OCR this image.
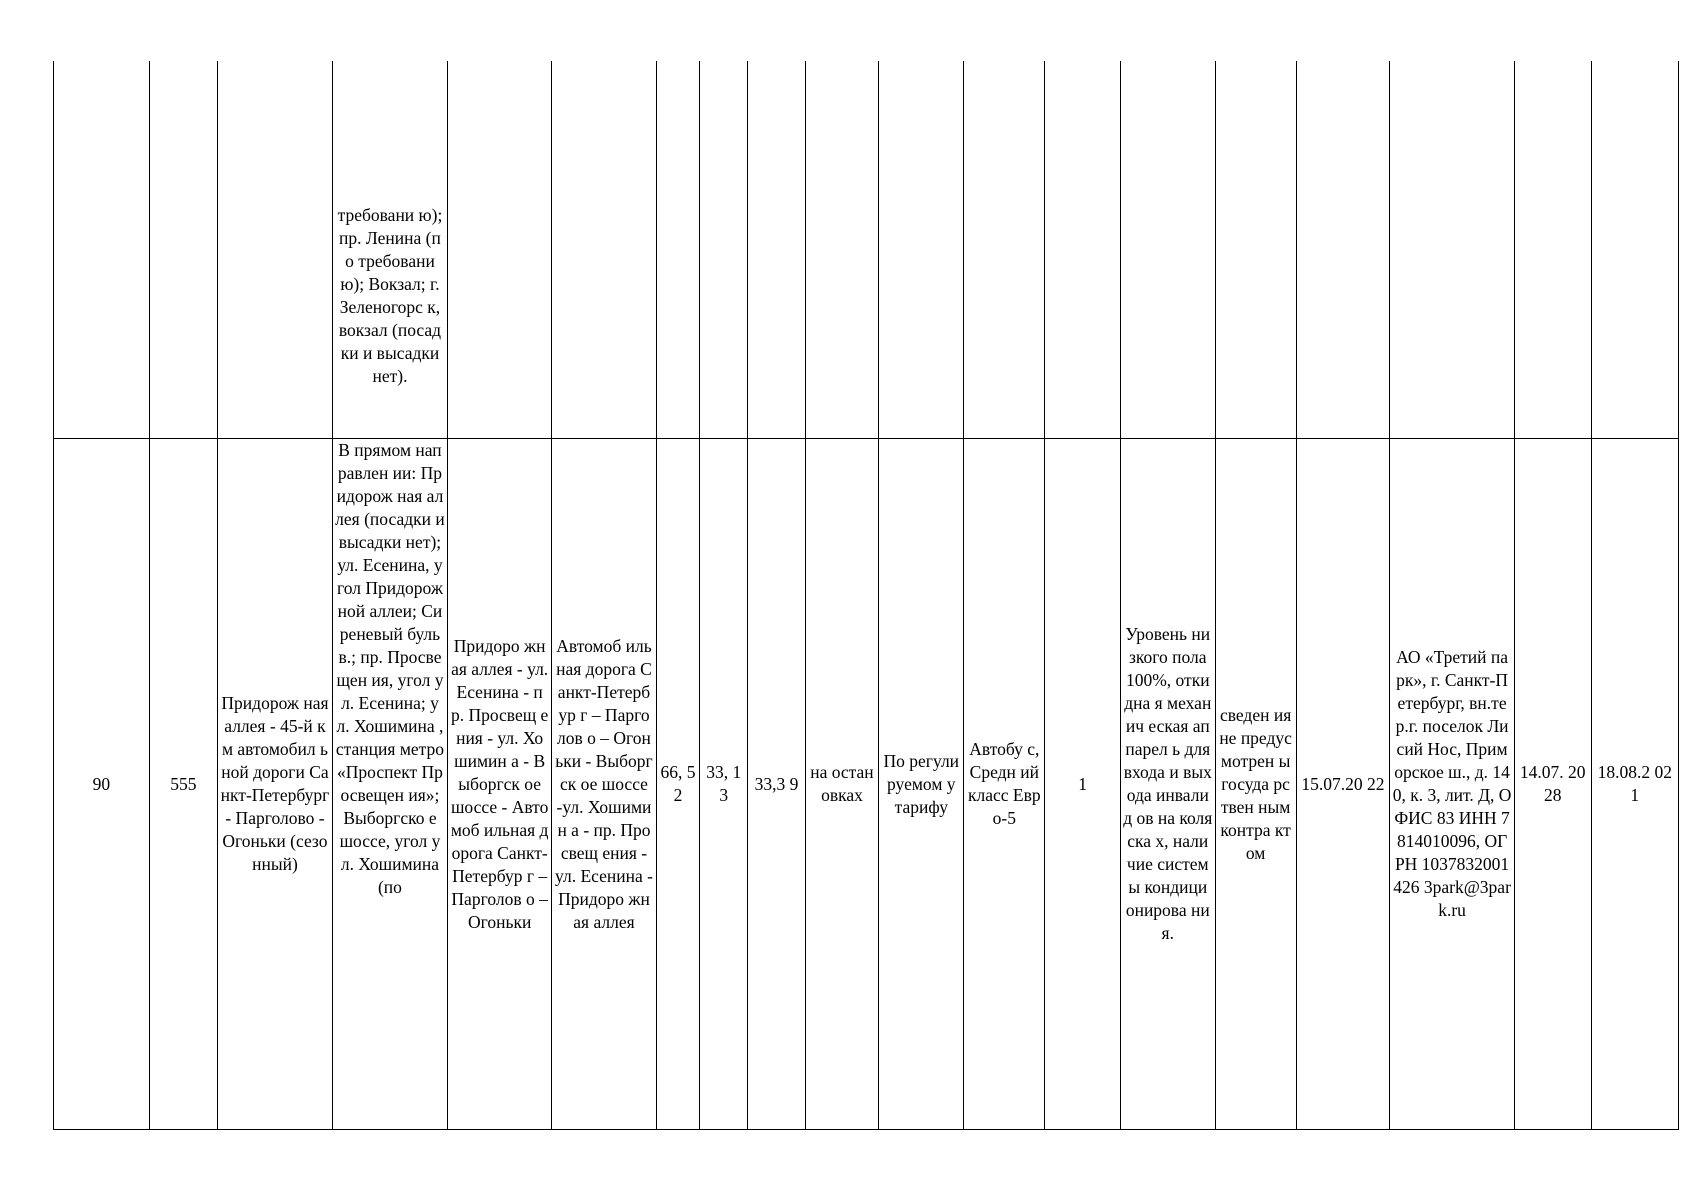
			требовани ю); пр. Ленина (по требовани ю); Вокзал; г. Зеленогорс к, вокзал (посадки и высадки нет).																

90	555	Придорож ная аллея - 45-й км автомобил ьной дороги Санкт-Петербург - Парголово - Огоньки (сезонный)	В прямом направлен ии: Придорож ная аллея (посадки и высадки нет); ул. Есенина, угол Придорож ной аллеи; Сиреневый бульв.; пр. Просвещен ия, угол ул. Есенина; ул. Хошимина , станция метро «Проспект Просвещен ия»; Выборгско е шоссе, угол ул. Хошимина (по	Придоро жная аллея - ул. Есенина - пр. Просвещ ения - ул. Хошимин а - Выборгск ое шоссе - Автомоб ильная дорога Санкт-Петербур г – Парголов о – Огоньки	Автомоб ильная дорога Санкт-Петербур г – Парголов о – Огоньки - Выборгск ое шоссе -ул. Хошимин а - пр. Просвещ ения - ул. Есенина - Придоро жная аллея	66, 52	33, 13	33,3 9	на остан овках	По регули руемом у тарифу	Автобу с, Средн ий класс Евро-5	1	Уровень низкого пола 100%, откидна я механич еская аппарел ь для входа и выхода инвалид ов на коляска х, наличие системы кондици онирова ния.	сведен ия не предус мотрен ы госуда рствен ным контра ктом	15.07.20 22	АО «Третий парк», г. Санкт-Петербург, вн.тер.г. поселок Лисий Нос, Приморское ш., д. 140, к. 3, лит. Д, ОФИС 83 ИНН 7814010096, ОГРН 1037832001 426 3park@3par k.ru	14.07. 2028	18.08.2 021	
